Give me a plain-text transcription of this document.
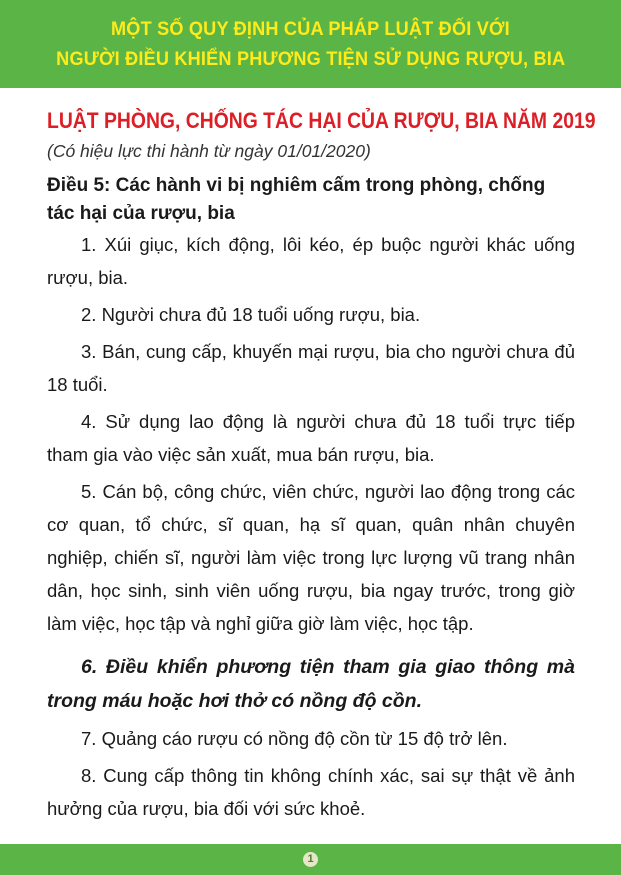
MỘT SỐ QUY ĐỊNH CỦA PHÁP LUẬT ĐỐI VỚI
NGƯỜI ĐIỀU KHIỂN PHƯƠNG TIỆN SỬ DỤNG RƯỢU, BIA
LUẬT PHÒNG, CHỐNG TÁC HẠI CỦA RƯỢU, BIA NĂM 2019
(Có hiệu lực thi hành từ ngày 01/01/2020)
Điều 5: Các hành vi bị nghiêm cấm trong phòng, chống tác hại của rượu, bia

1. Xúi giục, kích động, lôi kéo, ép buộc người khác uống rượu, bia.

2. Người chưa đủ 18 tuổi uống rượu, bia.

3. Bán, cung cấp, khuyến mại rượu, bia cho người chưa đủ 18 tuổi.

4. Sử dụng lao động là người chưa đủ 18 tuổi trực tiếp tham gia vào việc sản xuất, mua bán rượu, bia.

5. Cán bộ, công chức, viên chức, người lao động trong các cơ quan, tổ chức, sĩ quan, hạ sĩ quan, quân nhân chuyên nghiệp, chiến sĩ, người làm việc trong lực lượng vũ trang nhân dân, học sinh, sinh viên uống rượu, bia ngay trước, trong giờ làm việc, học tập và nghỉ giữa giờ làm việc, học tập.

6. Điều khiển phương tiện tham gia giao thông mà trong máu hoặc hơi thở có nồng độ cồn.

7. Quảng cáo rượu có nồng độ cồn từ 15 độ trở lên.

8. Cung cấp thông tin không chính xác, sai sự thật về ảnh hưởng của rượu, bia đối với sức khoẻ.

1
